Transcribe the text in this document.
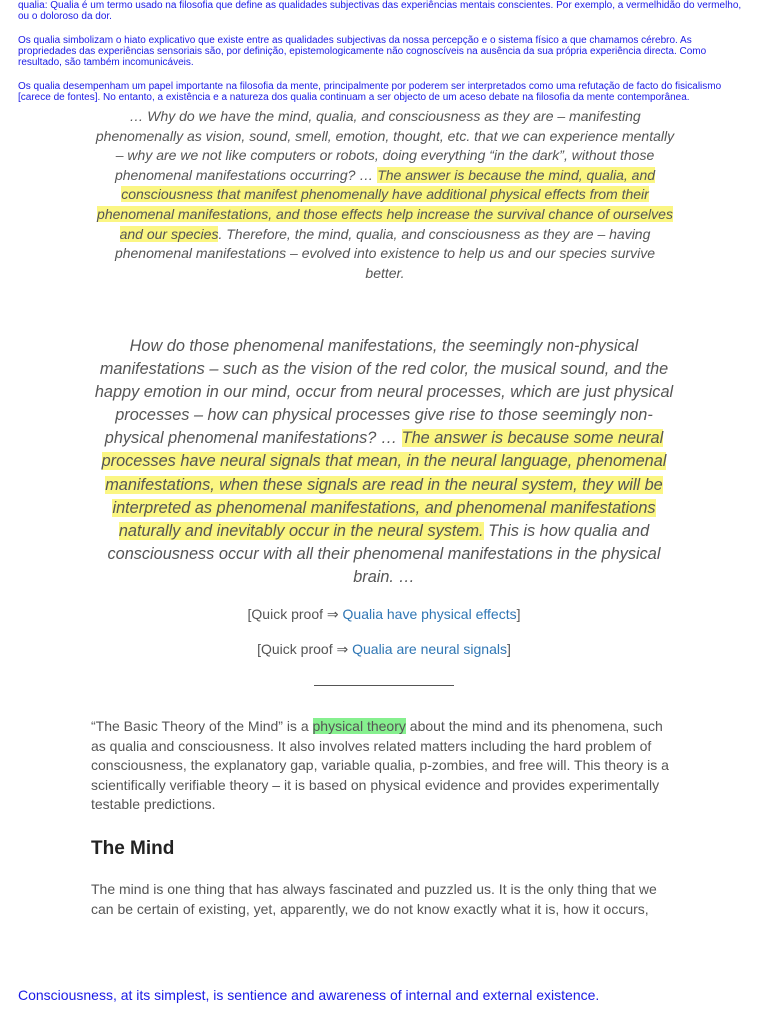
qualia: Qualia é um termo usado na filosofia que define as qualidades subjectivas das experiências mentais conscientes. Por exemplo, a vermelhidão do vermelho, ou o doloroso da dor.

Os qualia simbolizam o hiato explicativo que existe entre as qualidades subjectivas da nossa percepção e o sistema físico a que chamamos cérebro. As propriedades das experiências sensoriais são, por definição, epistemologicamente não cognoscíveis na ausência da sua própria experiência directa. Como resultado, são também incomunicáveis.

Os qualia desempenham um papel importante na filosofia da mente, principalmente por poderem ser interpretados como uma refutação de facto do fisicalismo [carece de fontes]. No entanto, a existência e a natureza dos qualia continuam a ser objecto de um aceso debate na filosofia da mente contemporânea.

… Why do we have the mind, qualia, and consciousness as they are – manifesting phenomenally as vision, sound, smell, emotion, thought, etc. that we can experience mentally – why are we not like computers or robots, doing everything “in the dark”, without those phenomenal manifestations occurring? … The answer is because the mind, qualia, and consciousness that manifest phenomenally have additional physical effects from their phenomenal manifestations, and those effects help increase the survival chance of ourselves and our species. Therefore, the mind, qualia, and consciousness as they are – having phenomenal manifestations – evolved into existence to help us and our species survive better.

How do those phenomenal manifestations, the seemingly non-physical manifestations – such as the vision of the red color, the musical sound, and the happy emotion in our mind, occur from neural processes, which are just physical processes – how can physical processes give rise to those seemingly non-physical phenomenal manifestations? … The answer is because some neural processes have neural signals that mean, in the neural language, phenomenal manifestations, when these signals are read in the neural system, they will be interpreted as phenomenal manifestations, and phenomenal manifestations naturally and inevitably occur in the neural system. This is how qualia and consciousness occur with all their phenomenal manifestations in the physical brain. …

[Quick proof ⇒ Qualia have physical effects]

[Quick proof ⇒ Qualia are neural signals]

“The Basic Theory of the Mind” is a physical theory about the mind and its phenomena, such as qualia and consciousness. It also involves related matters including the hard problem of consciousness, the explanatory gap, variable qualia, p-zombies, and free will. This theory is a scientifically verifiable theory – it is based on physical evidence and provides experimentally testable predictions.

The Mind

The mind is one thing that has always fascinated and puzzled us. It is the only thing that we can be certain of existing, yet, apparently, we do not know exactly what it is, how it occurs,

Consciousness, at its simplest, is sentience and awareness of internal and external existence.
